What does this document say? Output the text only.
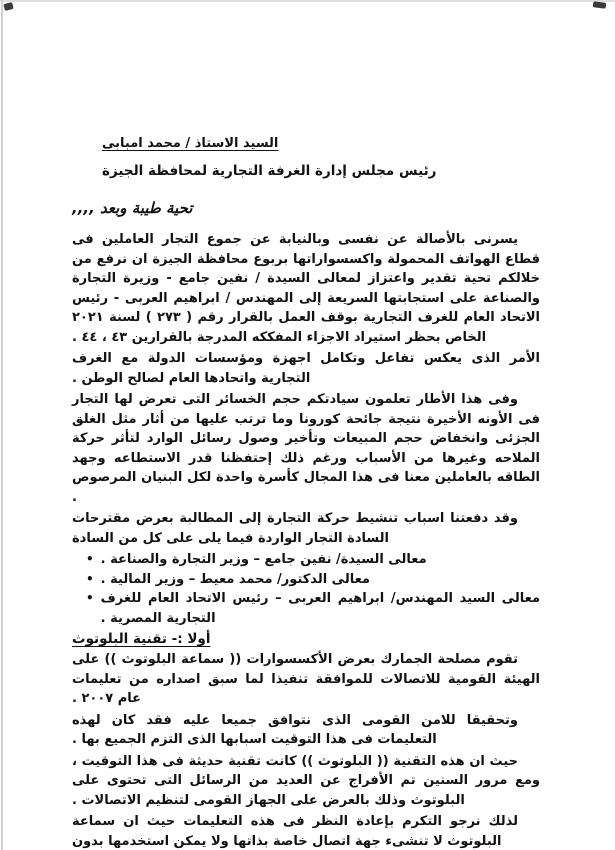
السيد الاستاذ / محمد امبابى
رئيس مجلس إدارة الغرفة التجارية لمحافظة الجيزة
تحية طيبة وبعد ,,,,

يسرنى بالأصالة عن نفسى وبالنيابة عن جموع التجار العاملين فى قطاع الهواتف المحمولة واكسسواراتها بربوع محافظة الجيزة ان نرفع من خلالكم تحية تقدير واعتزاز لمعالى السيدة / نفين جامع - وزيرة التجارة والصناعة على استجابتها السريعة إلى المهندس / ابراهيم العربى - رئيس الاتحاد العام للغرف التجارية بوقف العمل بالقرار رقم ( ٢٧٣ ) لسنة ٢٠٢١ الخاص بحظر استيراد الاجزاء المفككه المدرجة بالقرارين ٤٣ ، ٤٤ .

الأمر الذى يعكس تفاعل وتكامل اجهزة ومؤسسات الدولة مع الغرف التجارية واتحادها العام لصالح الوطن .

وفى هذا الأطار تعلمون سيادتكم حجم الخسائر التى تعرض لها التجار فى الأونه الأخيرة نتيجة جائحة كورونا وما ترتب عليها من أثار مثل الغلق الجزئى وانخفاض حجم المبيعات وتأخير وصول رسائل الوارد لتأثر حركة الملاحه وغيرها من الأسباب ورغم ذلك إحتفظنا قدر الاستطاعه وجهد الطاقه بالعاملين معنا فى هذا المجال كأسرة واحدة لكل البنيان المرصوص .

وقد دفعتنا اسباب تنشيط حركة التجارة إلى المطالبة بعرض مقترحات السادة التجار الواردة فيما يلى على كل من السادة

• معالى السيدة/ نفين جامع – وزير التجارة والصناعة .
• معالى الدكتور/ محمد معيط – وزير المالية .
• معالى السيد المهندس/ ابراهيم العربى – رئيس الاتحاد العام للغرف التجارية المصرية .
أولا :- تقنية البلوتوث

تقوم مصلحة الجمارك بعرض الأكسسوارات (( سماعة البلوتوث )) على الهيئة القومية للاتصالات للموافقة تنفيذا لما سبق اصداره من تعليمات عام ٢٠٠٧ .

وتحقيقا للامن القومى الذى نتوافق جميعا عليه فقد كان لهذه التعليمات فى هذا التوقيت اسبابها الذى التزم الجميع بها .

حيث ان هذه التقنية (( البلوتوث )) كانت تقنية حديثة فى هذا التوقيت ، ومع مرور السنين تم الأفراج عن العديد من الرسائل التى تحتوى على البلوتوث وذلك بالعرض على الجهاز القومى لتنظيم الاتصالات .

لذلك نرجو التكرم بإعادة النظر فى هذه التعليمات حيث ان سماعة البلوتوث لا تنشىء جهة اتصال خاصة بذاتها ولا يمكن استخدمها بدون
